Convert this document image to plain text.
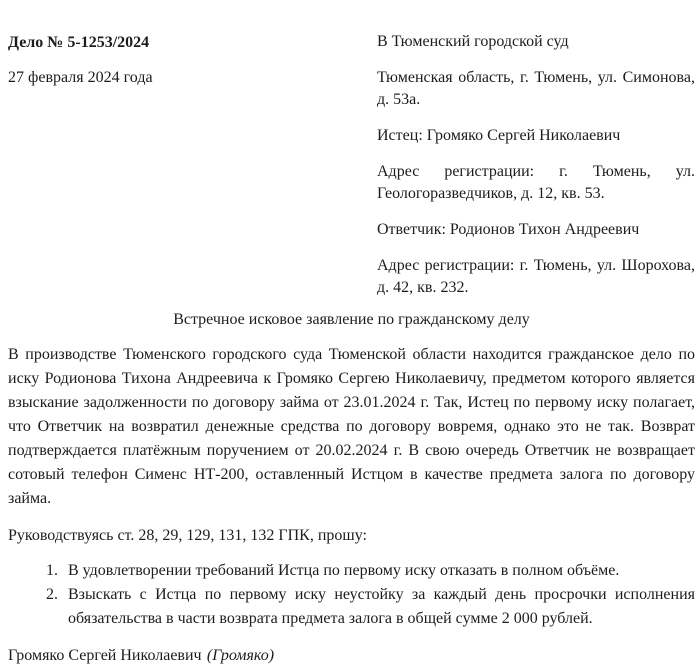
Дело № 5-1253/2024

27 февраля 2024 года

В Тюменский городской суд

Тюменская область, г. Тюмень, ул. Симонова, д. 53а.

Истец: Громяко Сергей Николаевич

Адрес регистрации: г. Тюмень, ул. Геологоразведчиков, д. 12, кв. 53.

Ответчик: Родионов Тихон Андреевич

Адрес регистрации: г. Тюмень, ул. Шорохова, д. 42, кв. 232.

Встречное исковое заявление по гражданскому делу

В производстве Тюменского городского суда Тюменской области находится гражданское дело по иску Родионова Тихона Андреевича к Громяко Сергею Николаевичу, предметом которого является взыскание задолженности по договору займа от 23.01.2024 г. Так, Истец по первому иску полагает, что Ответчик на возвратил денежные средства по договору вовремя, однако это не так. Возврат подтверждается платёжным поручением от 20.02.2024 г. В свою очередь Ответчик не возвращает сотовый телефон Сименс НТ-200, оставленный Истцом в качестве предмета залога по договору займа.

Руководствуясь ст. 28, 29, 129, 131, 132 ГПК, прошу:

1. В удовлетворении требований Истца по первому иску отказать в полном объёме.
2. Взыскать с Истца по первому иску неустойку за каждый день просрочки исполнения обязательства в части возврата предмета залога в общей сумме 2 000 рублей.
Громяко Сергей Николаевич (Громяко)
